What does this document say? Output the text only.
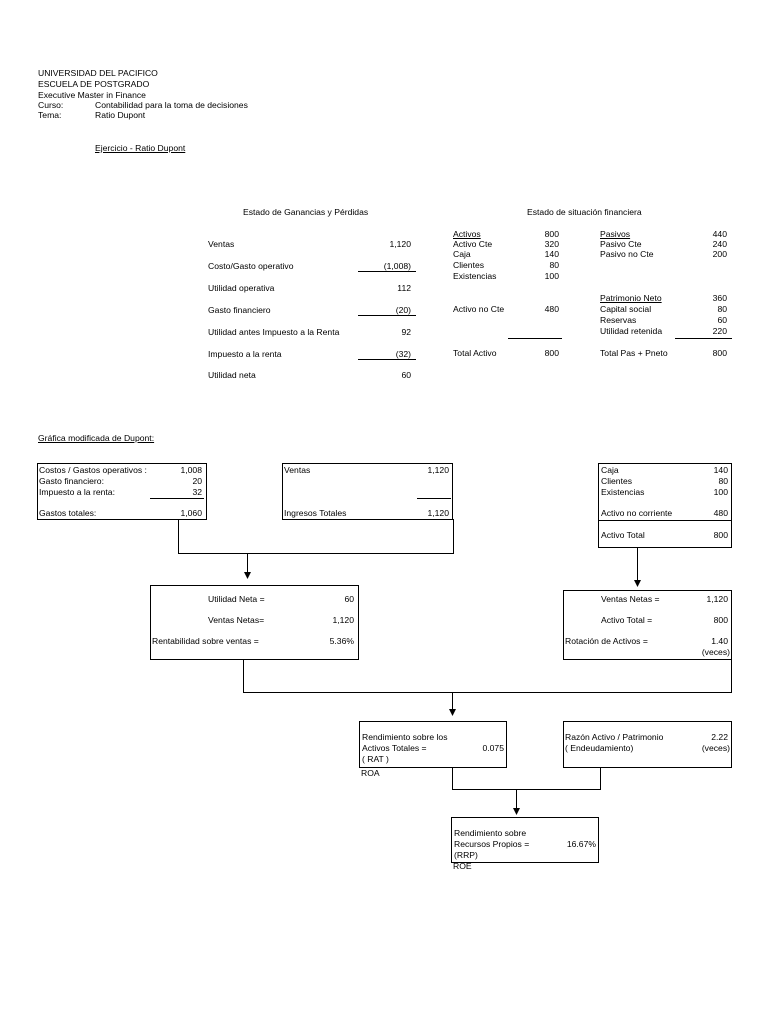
UNIVERSIDAD DEL PACIFICO
ESCUELA DE POSTGRADO
Executive Master in Finance
Curso:	Contabilidad para la toma de decisiones
Tema:	Ratio Dupont
Ejercicio - Ratio Dupont
Estado de Ganancias y Pérdidas
Ventas	1,120
Costo/Gasto operativo	(1,008)
Utilidad operativa	112
Gasto financiero	(20)
Utilidad antes Impuesto a la Renta	92
Impuesto a la renta	(32)
Utilidad neta	60
Estado de situación financiera
Activos	800
Activo Cte	320
Caja	140
Clientes	80
Existencias	100
Activo no Cte	480
Total Activo	800
Pasivos	440
Pasivo Cte	240
Pasivo no Cte	200
Patrimonio Neto	360
Capital social	80
Reservas	60
Utilidad retenida	220
Total Pas + Pneto	800
Gráfica modificada de Dupont:
Costos / Gastos operativos :	1,008
Gasto financiero:	20
Impuesto a la renta:	32
Gastos totales:	1,060
Ventas	1,120
Ingresos Totales	1,120
Caja	140
Clientes	80
Existencias	100
Activo no corriente	480
Activo Total	800
Utilidad Neta =	60
Ventas Netas=	1,120
Rentabilidad sobre ventas =	5.36%
Ventas Netas =	1,120
Activo Total =	800
Rotación de Activos =	1.40
(veces)
Rendimiento sobre los
Activos Totales =	0.075
( RAT )
ROA
Razón Activo / Patrimonio	2.22
( Endeudamiento)	(veces)
Rendimiento sobre
Recursos Propios =	16.67%
(RRP)
ROE
